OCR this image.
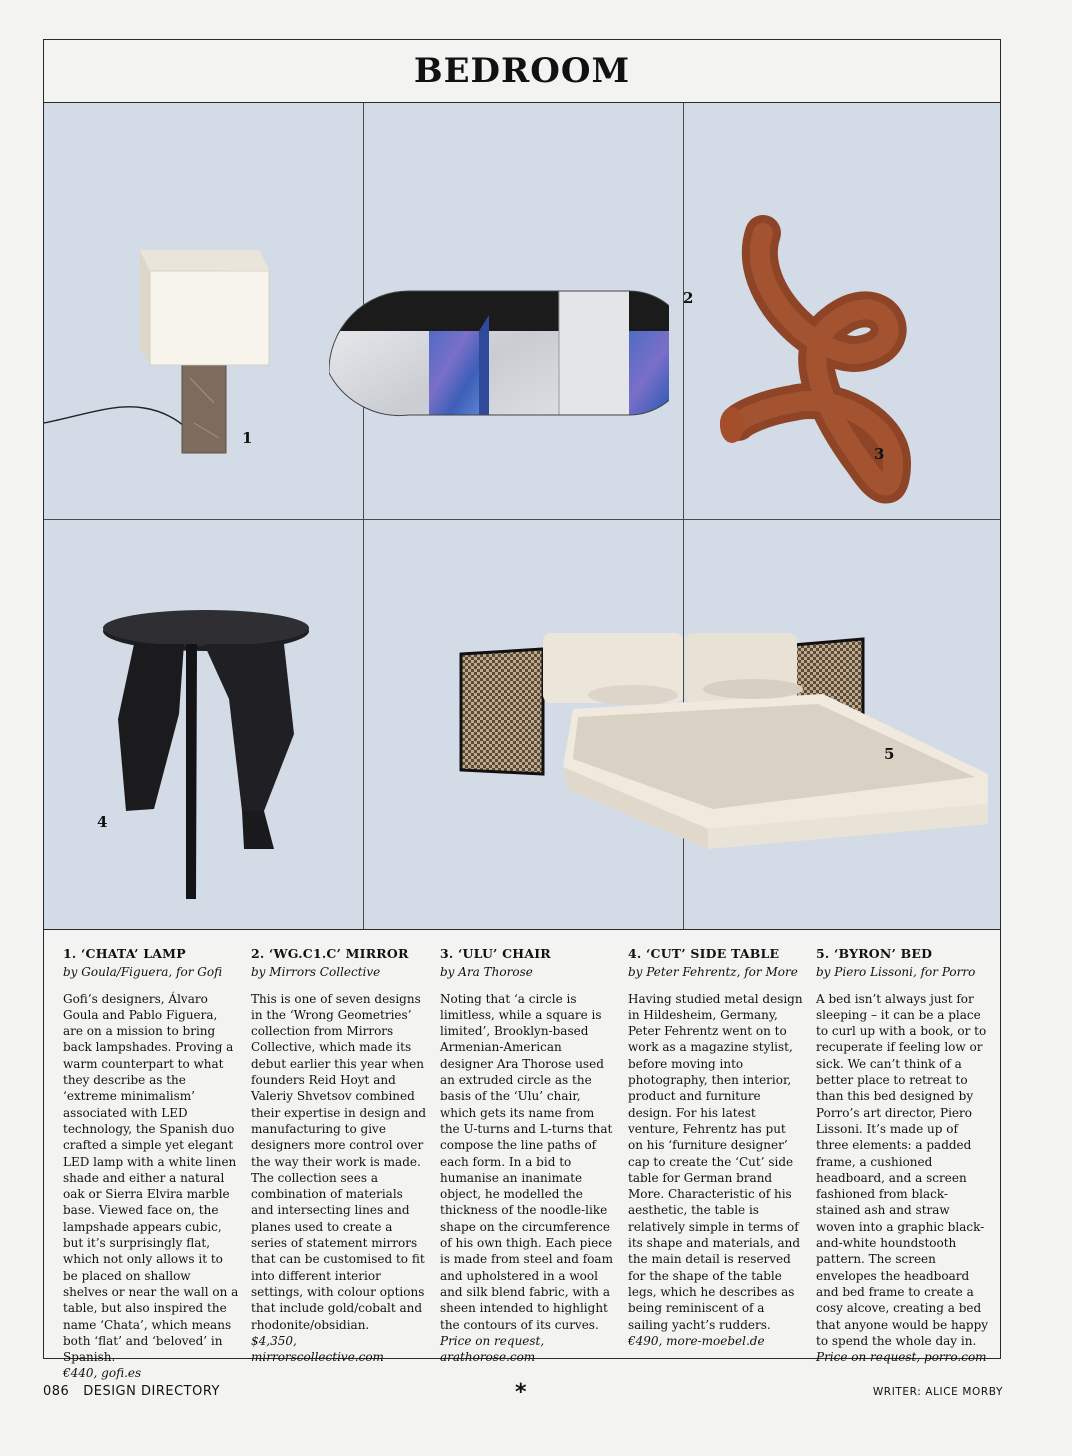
BEDROOM
1
2
3
4
5
1. ‘CHATA’ LAMP
by Goula/Figuera, for Gofi

Gofi’s designers, Álvaro Goula and Pablo Figuera, are on a mission to bring back lampshades. Proving a warm counterpart to what they describe as the ‘extreme minimalism’ associated with LED technology, the Spanish duo crafted a simple yet elegant LED lamp with a white linen shade and either a natural oak or Sierra Elvira marble base. Viewed face on, the lampshade appears cubic, but it’s surprisingly flat, which not only allows it to be placed on shallow shelves or near the wall on a table, but also inspired the name ‘Chata’, which means both ‘flat’ and ‘beloved’ in Spanish.

€440, gofi.es

2. ‘WG.C1.C’ MIRROR
by Mirrors Collective

This is one of seven designs in the ‘Wrong Geometries’ collection from Mirrors Collective, which made its debut earlier this year when founders Reid Hoyt and Valeriy Shvetsov combined their expertise in design and manufacturing to give designers more control over the way their work is made. The collection sees a combination of materials and intersecting lines and planes used to create a series of statement mirrors that can be customised to fit into different interior settings, with colour options that include gold/cobalt and rhodonite/obsidian.

$4,350, mirrorscollective.com

3. ‘ULU’ CHAIR
by Ara Thorose

Noting that ‘a circle is limitless, while a square is limited’, Brooklyn-based Armenian-American designer Ara Thorose used an extruded circle as the basis of the ‘Ulu’ chair, which gets its name from the U-turns and L-turns that compose the line paths of each form. In a bid to humanise an inanimate object, he modelled the thickness of the noodle-like shape on the circumference of his own thigh. Each piece is made from steel and foam and upholstered in a wool and silk blend fabric, with a sheen intended to highlight the contours of its curves.

Price on request, arathorose.com

4. ‘CUT’ SIDE TABLE
by Peter Fehrentz, for More

Having studied metal design in Hildesheim, Germany, Peter Fehrentz went on to work as a magazine stylist, before moving into photography, then interior, product and furniture design. For his latest venture, Fehrentz has put on his ‘furniture designer’ cap to create the ‘Cut’ side table for German brand More. Characteristic of his aesthetic, the table is relatively simple in terms of its shape and materials, and the main detail is reserved for the shape of the table legs, which he describes as being reminiscent of a sailing yacht’s rudders.

€490, more-moebel.de

5. ‘BYRON’ BED
by Piero Lissoni, for Porro

A bed isn’t always just for sleeping – it can be a place to curl up with a book, or to recuperate if feeling low or sick. We can’t think of a better place to retreat to than this bed designed by Porro’s art director, Piero Lissoni. It’s made up of three elements: a padded frame, a cushioned headboard, and a screen fashioned from black-stained ash and straw woven into a graphic black-and-white houndstooth pattern. The screen envelopes the headboard and bed frame to create a cosy alcove, creating a bed that anyone would be happy to spend the whole day in.

Price on request, porro.com

086 DESIGN DIRECTORY	*	WRITER: ALICE MORBY
